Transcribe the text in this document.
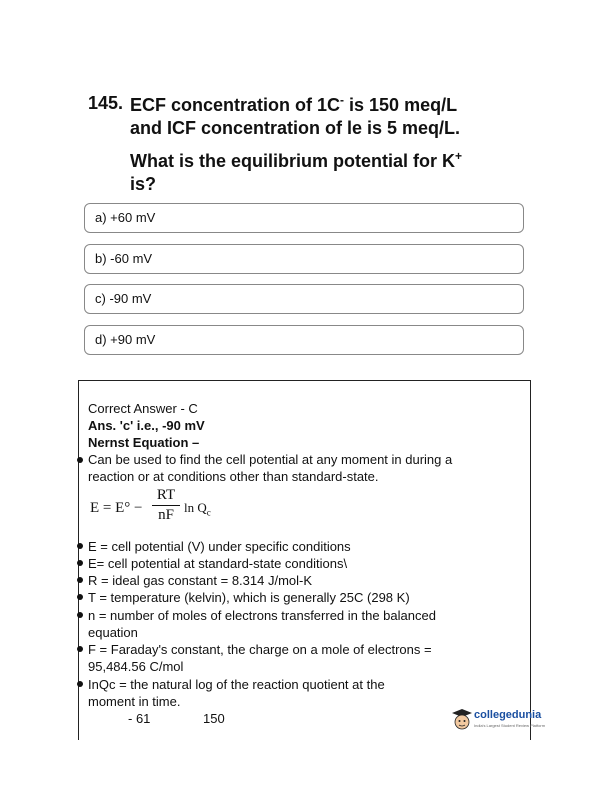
145. ECF concentration of 1C- is 150 meq/L
and ICF concentration of le is 5 meq/L.
What is the equilibrium potential for K+
is?
a) +60 mV
b) -60 mV
c) -90 mV
d) +90 mV
Correct Answer - C
Ans. 'c' i.e., -90 mV
Nernst Equation –
Can be used to find the cell potential at any moment in during a
reaction or at conditions other than standard-state.
E = E° −
RT
nF $\ln Q_c$
E = cell potential (V) under specific conditions
E= cell potential at standard-state conditions\
R = ideal gas constant = 8.314 J/mol-K
T = temperature (kelvin), which is generally 25C (298 K)
n = number of moles of electrons transferred in the balanced
equation
F = Faraday's constant, the charge on a mole of electrons =
95,484.56 C/mol
InQc = the natural log of the reaction quotient at the
moment in time.
- 61	150	collegedunia
India's Largest Student Review Platform
